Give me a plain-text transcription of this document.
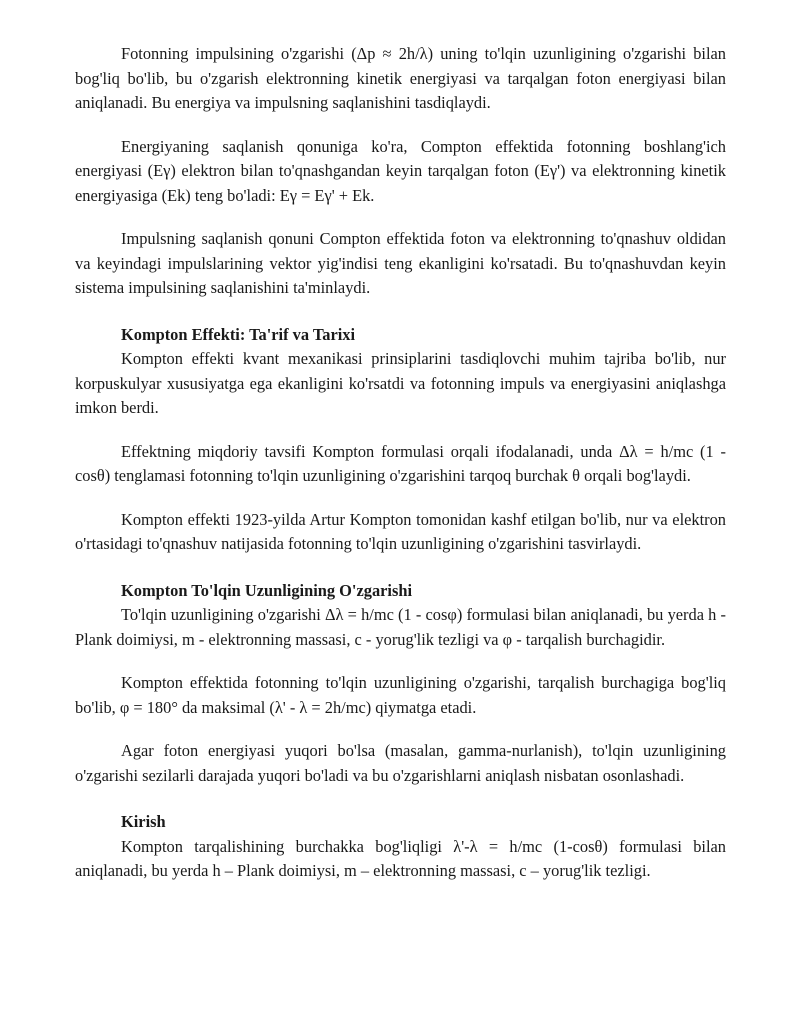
Fotonning impulsining o'zgarishi (Δp ≈ 2h/λ) uning to'lqin uzunligining o'zgarishi bilan bog'liq bo'lib, bu o'zgarish elektronning kinetik energiyasi va tarqalgan foton energiyasi bilan aniqlanadi. Bu energiya va impulsning saqlanishini tasdiqlaydi.

Energiyaning saqlanish qonuniga ko'ra, Compton effektida fotonning boshlang'ich energiyasi (Eγ) elektron bilan to'qnashgandan keyin tarqalgan foton (Eγ') va elektronning kinetik energiyasiga (Ek) teng bo'ladi: Eγ = Eγ' + Ek.

Impulsning saqlanish qonuni Compton effektida foton va elektronning to'qnashuv oldidan va keyindagi impulslarining vektor yig'indisi teng ekanligini ko'rsatadi. Bu to'qnashuvdan keyin sistema impulsining saqlanishini ta'minlaydi.

Kompton Effekti: Ta'rif va Tarixi

Kompton effekti kvant mexanikasi prinsiplarini tasdiqlovchi muhim tajriba bo'lib, nur korpuskulyar xususiyatga ega ekanligini ko'rsatdi va fotonning impuls va energiyasini aniqlashga imkon berdi.

Effektning miqdoriy tavsifi Kompton formulasi orqali ifodalanadi, unda Δλ = h/mc (1 - cosθ) tenglamasi fotonning to'lqin uzunligining o'zgarishini tarqoq burchak θ orqali bog'laydi.

Kompton effekti 1923-yilda Artur Kompton tomonidan kashf etilgan bo'lib, nur va elektron o'rtasidagi to'qnashuv natijasida fotonning to'lqin uzunligining o'zgarishini tasvirlaydi.

Kompton To'lqin Uzunligining O'zgarishi

To'lqin uzunligining o'zgarishi Δλ = h/mc (1 - cosφ) formulasi bilan aniqlanadi, bu yerda h - Plank doimiysi, m - elektronning massasi, c - yorug'lik tezligi va φ - tarqalish burchagidir.

Kompton effektida fotonning to'lqin uzunligining o'zgarishi, tarqalish burchagiga bog'liq bo'lib, φ = 180° da maksimal (λ' - λ = 2h/mc) qiymatga etadi.

Agar foton energiyasi yuqori bo'lsa (masalan, gamma-nurlanish), to'lqin uzunligining o'zgarishi sezilarli darajada yuqori bo'ladi va bu o'zgarishlarni aniqlash nisbatan osonlashadi.

Kirish

Kompton tarqalishining burchakka bog'liqligi λ'-λ = h/mc (1-cosθ) formulasi bilan aniqlanadi, bu yerda h – Plank doimiysi, m – elektronning massasi, c – yorug'lik tezligi.
